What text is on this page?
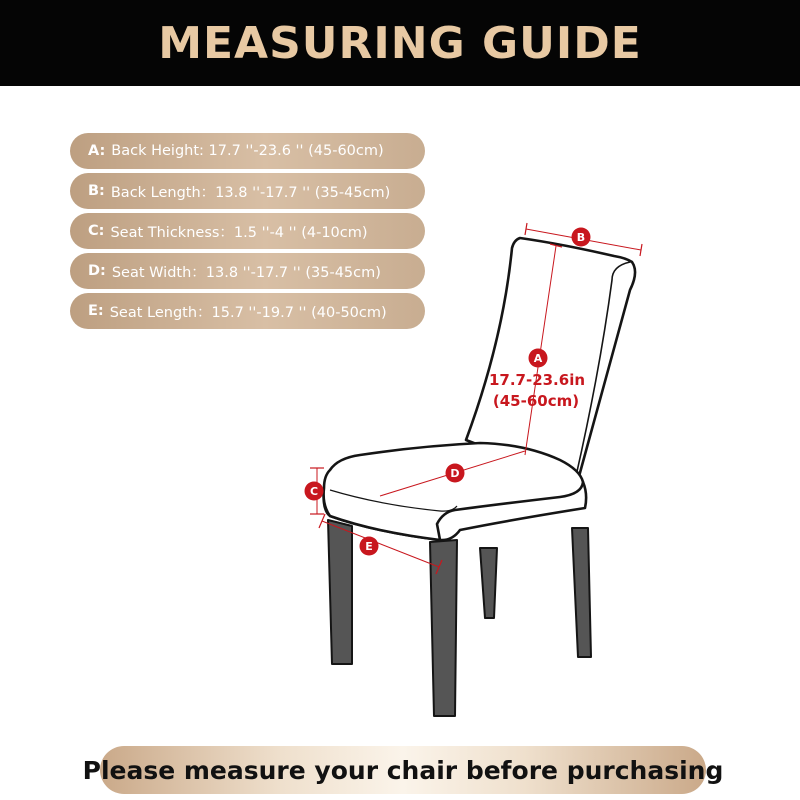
MEASURING GUIDE
A: Back Height: 17.7 ''-23.6 '' (45-60cm)
B: Back Length：13.8 ''-17.7 '' (35-45cm)
C: Seat Thickness：1.5 ''-4 '' (4-10cm)
D: Seat Width：13.8 ''-17.7 '' (35-45cm)
E: Seat Length：15.7 ''-19.7 '' (40-50cm)
B
A
17.7-23.6in
(45-60cm)
D
C
E
Please measure your chair before purchasing
